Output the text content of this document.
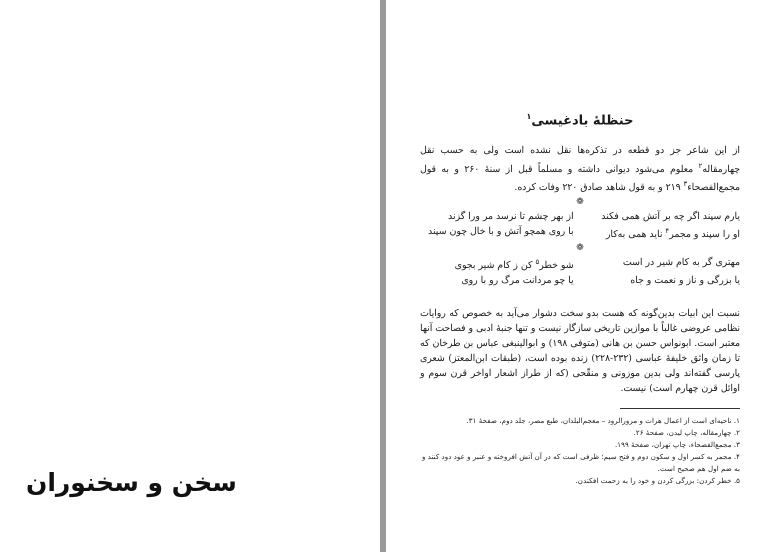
سخن و سخنوران
حنظلهٔ بادغیسی$^۱$

از این شاعر جز دو قطعه در تذکره‌ها نقل نشده است ولی به حسب نقل چهارمقاله$^۲$ معلوم می‌شود دیوانی داشته و مسلماً قبل از سنهٔ ۲۶۰ و به قول مجمع‌الفصحاء$^۳$ ۲۱۹ و به قول شاهد صادق ۲۲۰ وفات کرده.

❁
یارم سپند اگر چه بر آتش همی فکند
از بهر چشم تا نرسد مر ورا گزند
او را سپند و مجمر$^۴$ ناید همی به‌کار
با روی همچو آتش و با خال چون سپند
❁
مهتری گر به کام شیر در است
شو خطر$^۵$ کن ز کام شیر بجوی
یا بزرگی و ناز و نعمت و جاه
یا چو مردانت مرگ رو با روی

نسبت این ابیات بدین‌گونه که هست بدو سخت دشوار می‌آید به خصوص که روایات نظامی عروضی غالباً با موازین تاریخی سازگار نیست و تنها جنبهٔ ادبی و فصاحت آنها معتبر است. ابونواس حسن بن هانی (متوفی ۱۹۸) و ابوالینبغی عباس بن طرخان که تا زمان واثق خلیفهٔ عباسی (۲۳۲-۲۲۸) زنده بوده است، (طبقات ابن‌المعتز) شعری پارسی گفته‌اند ولی بدین موزونی و منقّحی (که از طراز اشعار اواخر قرن سوم و اوائل قرن چهارم است) نیست.

۱. ناحیه‌ای است از اعمال هرات و مرورالرود – معجم‌البلدان، طبع مصر، جلد دوم، صفحهٔ ۳۱.

۲. چهارمقاله، چاپ لیدن، صفحهٔ ۲۶.

۳. مجمع‌الفصحاء، چاپ تهران، صفحهٔ ۱۹۹.

۴. مجمر به کسر اول و سکون دوم و فتح سیم؛ ظرفی است که در آن آتش افروخته و عنبر و عود دود کنند و به ضم اول هم صحیح است.

۵. خطر کردن: بزرگی کردن و خود را به زحمت افکندن.
